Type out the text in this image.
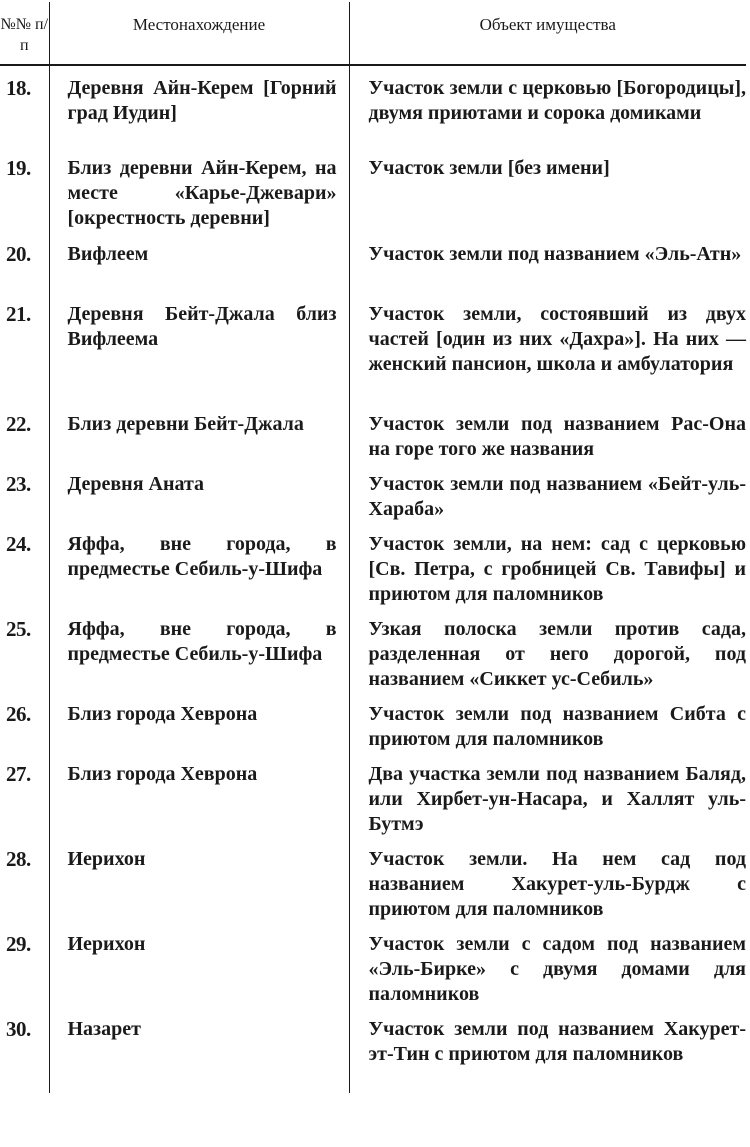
№№ п/п	Местонахождение	Объект имущества
18.	Деревня Айн-Керем [Горний град Иудин]	Участок земли с церковью [Богородицы], двумя приютами и сорока домиками
19.	Близ деревни Айн-Керем, на месте «Карье-Джевари» [окрестность деревни]	Участок земли [без имени]
20.	Вифлеем	Участок земли под названием «Эль-Атн»
21.	Деревня Бейт-Джала близ Вифлеема	Участок земли, состоявший из двух частей [один из них «Дахра»]. На них — женский пансион, школа и амбулатория
22.	Близ деревни Бейт-Джала	Участок земли под названием Рас-Она на горе того же названия
23.	Деревня Аната	Участок земли под названием «Бейт-уль-Хараба»
24.	Яффа, вне города, в предместье Себиль-у-Шифа	Участок земли, на нем: сад с церковью [Св. Петра, с гробницей Св. Тавифы] и приютом для паломников
25.	Яффа, вне города, в предместье Себиль-у-Шифа	Узкая полоска земли против сада, разделенная от него дорогой, под названием «Сиккет ус-Себиль»
26.	Близ города Хеврона	Участок земли под названием Сибта с приютом для паломников
27.	Близ города Хеврона	Два участка земли под названием Баляд, или Хирбет-ун-Насара, и Халлят уль-Бутмэ
28.	Иерихон	Участок земли. На нем сад под названием Хакурет-уль-Бурдж с приютом для паломников
29.	Иерихон	Участок земли с садом под названием «Эль-Бирке» с двумя домами для паломников
30.	Назарет	Участок земли под названием Хакурет-эт-Тин с приютом для паломников
